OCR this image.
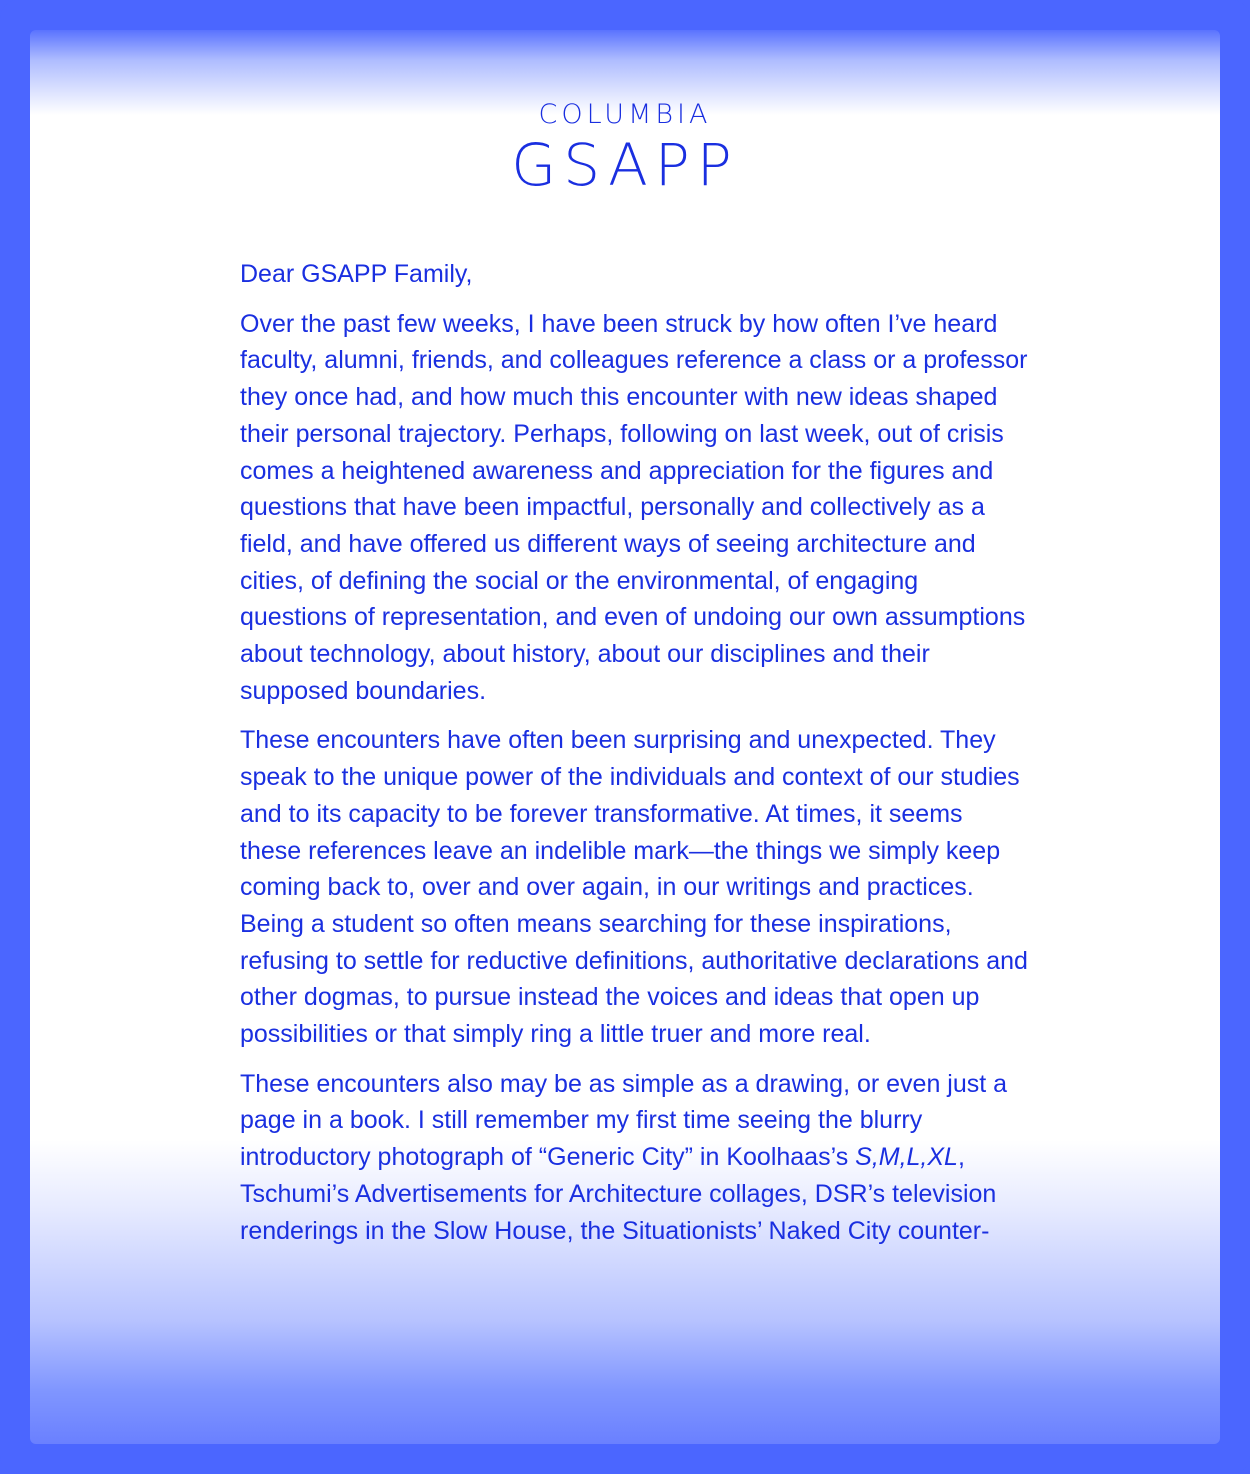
COLUMBIA
GSAPP

Dear GSAPP Family,

Over the past few weeks, I have been struck by how often I’ve heard faculty, alumni, friends, and colleagues reference a class or a professor they once had, and how much this encounter with new ideas shaped their personal trajectory. Perhaps, following on last week, out of crisis comes a heightened awareness and appreciation for the figures and questions that have been impactful, personally and collectively as a field, and have offered us different ways of seeing architecture and cities, of defining the social or the environmental, of engaging questions of representation, and even of undoing our own assumptions about technology, about history, about our disciplines and their supposed boundaries.

These encounters have often been surprising and unexpected. They speak to the unique power of the individuals and context of our studies and to its capacity to be forever transformative. At times, it seems these references leave an indelible mark—the things we simply keep coming back to, over and over again, in our writings and practices. Being a student so often means searching for these inspirations, refusing to settle for reductive definitions, authoritative declarations and other dogmas, to pursue instead the voices and ideas that open up possibilities or that simply ring a little truer and more real.

These encounters also may be as simple as a drawing, or even just a page in a book. I still remember my first time seeing the blurry introductory photograph of “Generic City” in Koolhaas’s S,M,L,XL, Tschumi’s Advertisements for Architecture collages, DSR’s television renderings in the Slow House, the Situationists’ Naked City counter-
